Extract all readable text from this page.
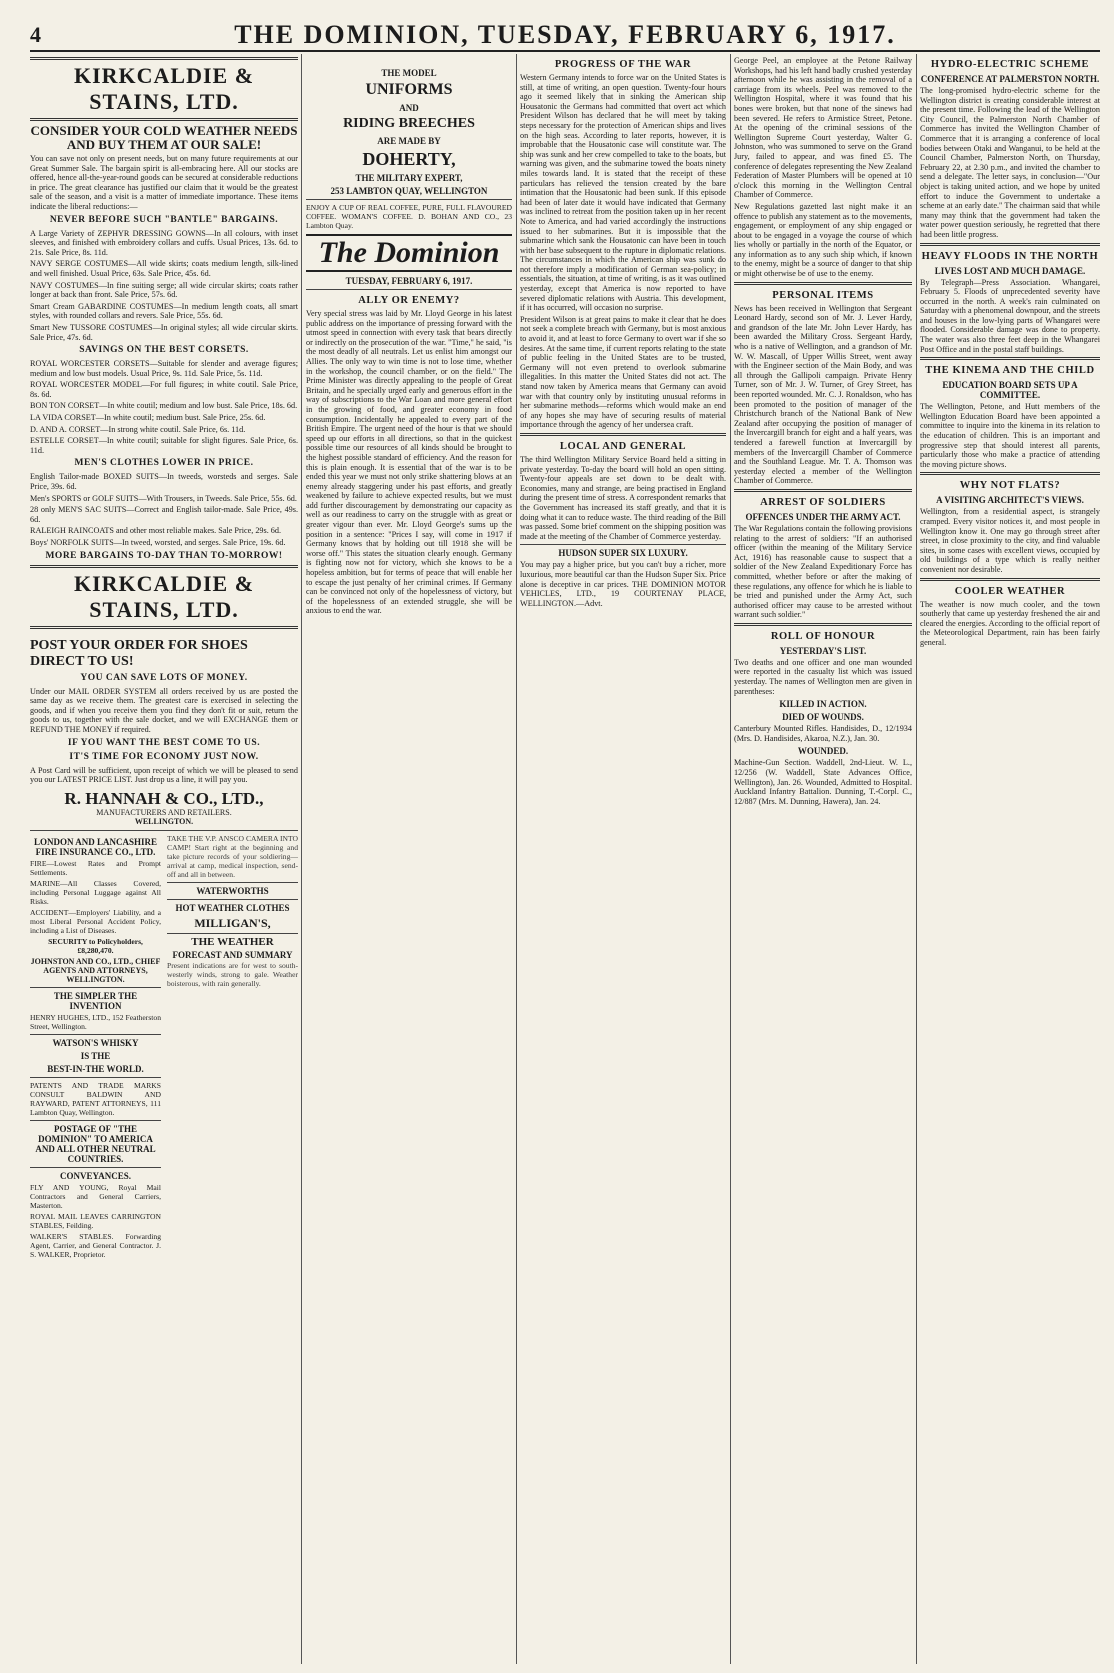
4	THE DOMINION, TUESDAY, FEBRUARY 6, 1917.
KIRKCALDIE & STAINS, LTD.
CONSIDER YOUR COLD WEATHER NEEDS AND BUY THEM AT OUR SALE!
You can save not only on present needs, but on many future requirements at our Great Summer Sale. The bargain spirit is all-embracing here. All our stocks are offered, hence all-the-year-round goods can be secured at considerable reductions in price. The great clearance has justified our claim that it would be the greatest sale of the season, and a visit is a matter of immediate importance. These items indicate the liberal reductions:—
NEVER BEFORE SUCH "BANTLE" BARGAINS.
A Large Variety of ZEPHYR DRESSING GOWNS—In all colours, with inset sleeves, and finished with embroidery collars and cuffs. Usual Prices, 13s. 6d. to 21s. Sale Price, 8s. 11d.
NAVY SERGE COSTUMES—All wide skirts; coats medium length, silk-lined and well finished. Usual Price, 63s. Sale Price, 45s. 6d.
NAVY COSTUMES—In fine suiting serge; all wide circular skirts; coats rather longer at back than front. Sale Price, 57s. 6d.
Smart Cream GABARDINE COSTUMES—In medium length coats, all smart styles, with rounded collars and revers. Sale Price, 55s. 6d.
Smart New TUSSORE COSTUMES—In original styles; all wide circular skirts. Sale Price, 47s. 6d.
SAVINGS ON THE BEST CORSETS.
ROYAL WORCESTER CORSETS—Suitable for slender and average figures; medium and low bust models. Usual Price, 9s. 11d. Sale Price, 5s. 11d.
ROYAL WORCESTER MODEL—For full figures; in white coutil. Sale Price, 8s. 6d.
BON TON CORSET—In white coutil; medium and low bust. Sale Price, 18s. 6d.
LA VIDA CORSET—In white coutil; medium bust. Sale Price, 25s. 6d.
D. AND A. CORSET—In strong white coutil. Sale Price, 6s. 11d.
ESTELLE CORSET—In white coutil; suitable for slight figures. Sale Price, 6s. 11d.
MEN'S CLOTHES LOWER IN PRICE.
English Tailor-made BOXED SUITS—In tweeds, worsteds and serges. Sale Price, 39s. 6d.
Men's SPORTS or GOLF SUITS—With Trousers, in Tweeds. Sale Price, 55s. 6d.
28 only MEN'S SAC SUITS—Correct and English tailor-made. Sale Price, 49s. 6d.
RALEIGH RAINCOATS and other most reliable makes. Sale Price, 29s. 6d.
Boys' NORFOLK SUITS—In tweed, worsted, and serges. Sale Price, 19s. 6d.
MORE BARGAINS TO-DAY THAN TO-MORROW!
KIRKCALDIE & STAINS, LTD.
POST YOUR ORDER FOR SHOES DIRECT TO US!
YOU CAN SAVE LOTS OF MONEY.
Under our MAIL ORDER SYSTEM all orders received by us are posted the same day as we receive them. The greatest care is exercised in selecting the goods, and if when you receive them you find they don't fit or suit, return the goods to us, together with the sale docket, and we will EXCHANGE them or REFUND THE MONEY if required.
IF YOU WANT THE BEST COME TO US.
IT'S TIME FOR ECONOMY JUST NOW.
A Post Card will be sufficient, upon receipt of which we will be pleased to send you our LATEST PRICE LIST. Just drop us a line, it will pay you.
R. HANNAH & CO., LTD.,
MANUFACTURERS AND RETAILERS.
WELLINGTON.
LONDON AND LANCASHIRE FIRE INSURANCE CO., LTD.
FIRE—Lowest Rates and Prompt Settlements.
MARINE—All Classes Covered, including Personal Luggage against All Risks.
ACCIDENT—Employers' Liability, and a most Liberal Personal Accident Policy, including a List of Diseases.
SECURITY to Policyholders, £8,280,470.
JOHNSTON AND CO., LTD., CHIEF AGENTS AND ATTORNEYS, WELLINGTON.
THE SIMPLER THE INVENTION
HENRY HUGHES, LTD., 152 Featherston Street, Wellington.
WATSON'S WHISKY
IS THE
BEST-IN-THE WORLD.
PATENTS AND TRADE MARKS CONSULT BALDWIN AND RAYWARD, PATENT ATTORNEYS, 111 Lambton Quay, Wellington.
POSTAGE OF "THE DOMINION" TO AMERICA AND ALL OTHER NEUTRAL COUNTRIES.
CONVEYANCES.
FLY AND YOUNG, Royal Mail Contractors and General Carriers, Masterton.
ROYAL MAIL LEAVES CARRINGTON STABLES, Feilding.
WALKER'S STABLES. Forwarding Agent, Carrier, and General Contractor. J. S. WALKER, Proprietor.
TAKE THE V.P. ANSCO CAMERA INTO CAMP! Start right at the beginning and take picture records of your soldiering—arrival at camp, medical inspection, send-off and all in between.
WATERWORTHS
HOT WEATHER CLOTHES
MILLIGAN'S,
THE WEATHER
FORECAST AND SUMMARY
Present indications are for west to south-westerly winds, strong to gale. Weather boisterous, with rain generally.
THE MODEL
UNIFORMS
AND
RIDING BREECHES
ARE MADE BY
DOHERTY,
THE MILITARY EXPERT,
253 LAMBTON QUAY, WELLINGTON
ENJOY A CUP OF REAL COFFEE, PURE, FULL FLAVOURED COFFEE. WOMAN'S COFFEE. D. BOHAN AND CO., 23 Lambton Quay.
The Dominion
TUESDAY, FEBRUARY 6, 1917.
ALLY OR ENEMY?
Very special stress was laid by Mr. Lloyd George in his latest public address on the importance of pressing forward with the utmost speed in connection with every task that bears directly or indirectly on the prosecution of the war. "Time," he said, "is the most deadly of all neutrals. Let us enlist him amongst our Allies. The only way to win time is not to lose time, whether in the workshop, the council chamber, or on the field." The Prime Minister was directly appealing to the people of Great Britain, and he specially urged early and generous effort in the way of subscriptions to the War Loan and more general effort in the growing of food, and greater economy in food consumption. Incidentally he appealed to every part of the British Empire. The urgent need of the hour is that we should speed up our efforts in all directions, so that in the quickest possible time our resources of all kinds should be brought to the highest possible standard of efficiency. And the reason for this is plain enough. It is essential that of the war is to be ended this year we must not only strike shattering blows at an enemy already staggering under his past efforts, and greatly weakened by failure to achieve expected results, but we must add further discouragement by demonstrating our capacity as well as our readiness to carry on the struggle with as great or greater vigour than ever. Mr. Lloyd George's sums up the position in a sentence: "Prices I say, will come in 1917 if Germany knows that by holding out till 1918 she will be worse off." This states the situation clearly enough. Germany is fighting now not for victory, which she knows to be a hopeless ambition, but for terms of peace that will enable her to escape the just penalty of her criminal crimes. If Germany can be convinced not only of the hopelessness of victory, but of the hopelessness of an extended struggle, she will be anxious to end the war.
PROGRESS OF THE WAR
Western Germany intends to force war on the United States is still, at time of writing, an open question. Twenty-four hours ago it seemed likely that in sinking the American ship Housatonic the Germans had committed that overt act which President Wilson has declared that he will meet by taking steps necessary for the protection of American ships and lives on the high seas. According to later reports, however, it is improbable that the Housatonic case will constitute war. The ship was sunk and her crew compelled to take to the boats, but warning was given, and the submarine towed the boats ninety miles towards land. It is stated that the receipt of these particulars has relieved the tension created by the bare intimation that the Housatonic had been sunk. If this episode had been of later date it would have indicated that Germany was inclined to retreat from the position taken up in her recent Note to America, and had varied accordingly the instructions issued to her submarines. But it is impossible that the submarine which sank the Housatonic can have been in touch with her base subsequent to the rupture in diplomatic relations. The circumstances in which the American ship was sunk do not therefore imply a modification of German sea-policy; in essentials, the situation, at time of writing, is as it was outlined yesterday, except that America is now reported to have severed diplomatic relations with Austria. This development, if it has occurred, will occasion no surprise.
President Wilson is at great pains to make it clear that he does not seek a complete breach with Germany, but is most anxious to avoid it, and at least to force Germany to overt war if she so desires. At the same time, if current reports relating to the state of public feeling in the United States are to be trusted, Germany will not even pretend to overlook submarine illegalities. In this matter the United States did not act. The stand now taken by America means that Germany can avoid war with that country only by instituting unusual reforms in her submarine methods—reforms which would make an end of any hopes she may have of securing results of material importance through the agency of her undersea craft.
LOCAL AND GENERAL
The third Wellington Military Service Board held a sitting in private yesterday. To-day the board will hold an open sitting. Twenty-four appeals are set down to be dealt with. Economies, many and strange, are being practised in England during the present time of stress. A correspondent remarks that the Government has increased its staff greatly, and that it is doing what it can to reduce waste. The third reading of the Bill was passed. Some brief comment on the shipping position was made at the meeting of the Chamber of Commerce yesterday.
HUDSON SUPER SIX LUXURY.
You may pay a higher price, but you can't buy a richer, more luxurious, more beautiful car than the Hudson Super Six. Price alone is deceptive in car prices. THE DOMINION MOTOR VEHICLES, LTD., 19 COURTENAY PLACE, WELLINGTON.—Advt.
George Peel, an employee at the Petone Railway Workshops, had his left hand badly crushed yesterday afternoon while he was assisting in the removal of a carriage from its wheels. Peel was removed to the Wellington Hospital, where it was found that his bones were broken, but that none of the sinews had been severed. He refers to Armistice Street, Petone. At the opening of the criminal sessions of the Wellington Supreme Court yesterday, Walter G. Johnston, who was summoned to serve on the Grand Jury, failed to appear, and was fined £5. The conference of delegates representing the New Zealand Federation of Master Plumbers will be opened at 10 o'clock this morning in the Wellington Central Chamber of Commerce.
New Regulations gazetted last night make it an offence to publish any statement as to the movements, engagement, or employment of any ship engaged or about to be engaged in a voyage the course of which lies wholly or partially in the north of the Equator, or any information as to any such ship which, if known to the enemy, might be a source of danger to that ship or might otherwise be of use to the enemy.
PERSONAL ITEMS
News has been received in Wellington that Sergeant Leonard Hardy, second son of Mr. J. Lever Hardy, and grandson of the late Mr. John Lever Hardy, has been awarded the Military Cross. Sergeant Hardy, who is a native of Wellington, and a grandson of Mr. W. W. Mascall, of Upper Willis Street, went away with the Engineer section of the Main Body, and was all through the Gallipoli campaign. Private Henry Turner, son of Mr. J. W. Turner, of Grey Street, has been reported wounded. Mr. C. J. Ronaldson, who has been promoted to the position of manager of the Christchurch branch of the National Bank of New Zealand after occupying the position of manager of the Invercargill branch for eight and a half years, was tendered a farewell function at Invercargill by members of the Invercargill Chamber of Commerce and the Southland League. Mr. T. A. Thomson was yesterday elected a member of the Wellington Chamber of Commerce.
ARREST OF SOLDIERS
OFFENCES UNDER THE ARMY ACT.
The War Regulations contain the following provisions relating to the arrest of soldiers: "If an authorised officer (within the meaning of the Military Service Act, 1916) has reasonable cause to suspect that a soldier of the New Zealand Expeditionary Force has committed, whether before or after the making of these regulations, any offence for which he is liable to be tried and punished under the Army Act, such authorised officer may cause to be arrested without warrant such soldier."
ROLL OF HONOUR
YESTERDAY'S LIST.
Two deaths and one officer and one man wounded were reported in the casualty list which was issued yesterday. The names of Wellington men are given in parentheses:
KILLED IN ACTION.
DIED OF WOUNDS.
Canterbury Mounted Rifles. Handisides, D., 12/1934 (Mrs. D. Handisides, Akaroa, N.Z.), Jan. 30.
WOUNDED.
Machine-Gun Section. Waddell, 2nd-Lieut. W. L., 12/256 (W. Waddell, State Advances Office, Wellington), Jan. 26. Wounded, Admitted to Hospital. Auckland Infantry Battalion. Dunning, T.-Corpl. C., 12/887 (Mrs. M. Dunning, Hawera), Jan. 24.
HYDRO-ELECTRIC SCHEME
CONFERENCE AT PALMERSTON NORTH.
The long-promised hydro-electric scheme for the Wellington district is creating considerable interest at the present time. Following the lead of the Wellington City Council, the Palmerston North Chamber of Commerce has invited the Wellington Chamber of Commerce that it is arranging a conference of local bodies between Otaki and Wanganui, to be held at the Council Chamber, Palmerston North, on Thursday, February 22, at 2.30 p.m., and invited the chamber to send a delegate. The letter says, in conclusion—"Our object is taking united action, and we hope by united effort to induce the Government to undertake a scheme at an early date." The chairman said that while many may think that the government had taken the water power question seriously, he regretted that there had been little progress.
HEAVY FLOODS IN THE NORTH
LIVES LOST AND MUCH DAMAGE.
By Telegraph—Press Association. Whangarei, February 5. Floods of unprecedented severity have occurred in the north. A week's rain culminated on Saturday with a phenomenal downpour, and the streets and houses in the low-lying parts of Whangarei were flooded. Considerable damage was done to property. The water was also three feet deep in the Whangarei Post Office and in the postal staff buildings.
THE KINEMA AND THE CHILD
EDUCATION BOARD SETS UP A COMMITTEE.
The Wellington, Petone, and Hutt members of the Wellington Education Board have been appointed a committee to inquire into the kinema in its relation to the education of children. This is an important and progressive step that should interest all parents, particularly those who make a practice of attending the moving picture shows.
WHY NOT FLATS?
A VISITING ARCHITECT'S VIEWS.
Wellington, from a residential aspect, is strangely cramped. Every visitor notices it, and most people in Wellington know it. One may go through street after street, in close proximity to the city, and find valuable sites, in some cases with excellent views, occupied by old buildings of a type which is really neither convenient nor desirable.
COOLER WEATHER
The weather is now much cooler, and the town southerly that came up yesterday freshened the air and cleared the energies. According to the official report of the Meteorological Department, rain has been fairly general.
